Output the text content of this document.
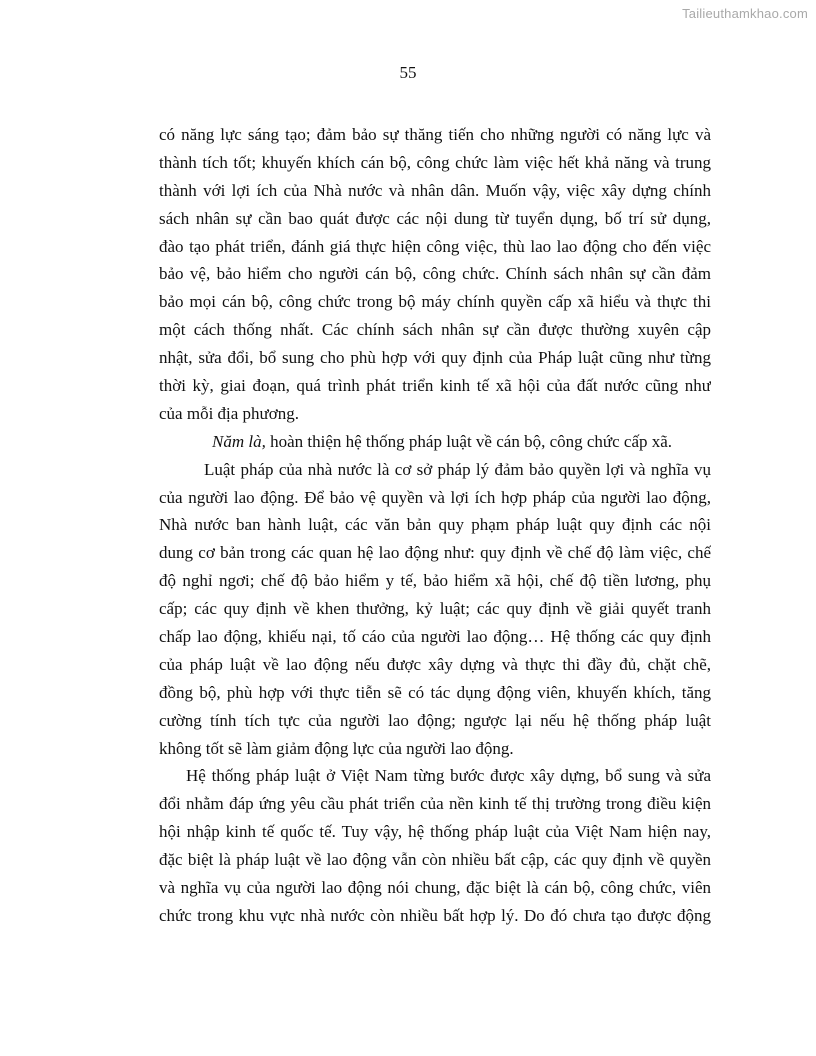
Tailieuthamkhao.com
55
có năng lực sáng tạo; đảm bảo sự thăng tiến cho những người có năng lực và
thành tích tốt; khuyến khích cán bộ, công chức làm việc hết khả năng và trung
thành với lợi ích của Nhà nước và nhân dân. Muốn vậy, việc xây dựng chính
sách nhân sự cần bao quát được các nội dung từ tuyển dụng, bố trí sử dụng,
đào tạo phát triển, đánh giá thực hiện công việc, thù lao lao động cho đến việc
bảo vệ, bảo hiểm cho người cán bộ, công chức. Chính sách nhân sự cần đảm
bảo mọi cán bộ, công chức trong bộ máy chính quyền cấp xã hiểu và thực thi
một cách thống nhất. Các chính sách nhân sự cần được thường xuyên cập
nhật, sửa đổi, bổ sung cho phù hợp với quy định của Pháp luật cũng như từng
thời kỳ, giai đoạn, quá trình phát triển kinh tế xã hội của đất nước cũng như
của mỗi địa phương.
Năm là, hoàn thiện hệ thống pháp luật về cán bộ, công chức cấp xã.
Luật pháp của nhà nước là cơ sở pháp lý đảm bảo quyền lợi và nghĩa vụ
của người lao động. Để bảo vệ quyền và lợi ích hợp pháp của người lao động,
Nhà nước ban hành luật, các văn bản quy phạm pháp luật quy định các nội
dung cơ bản trong các quan hệ lao động như: quy định về chế độ làm việc, chế
độ nghỉ ngơi; chế độ bảo hiểm y tế, bảo hiểm xã hội, chế độ tiền lương, phụ
cấp; các quy định về khen thưởng, kỷ luật; các quy định về giải quyết tranh
chấp lao động, khiếu nại, tố cáo của người lao động… Hệ thống các quy định
của pháp luật về lao động nếu được xây dựng và thực thi đầy đủ, chặt chẽ,
đồng bộ, phù hợp với thực tiễn sẽ có tác dụng động viên, khuyến khích, tăng
cường tính tích tực của người lao động; ngược lại nếu hệ thống pháp luật
không tốt sẽ làm giảm động lực của người lao động.
Hệ thống pháp luật ở Việt Nam từng bước được xây dựng, bổ sung và sửa
đổi nhằm đáp ứng yêu cầu phát triển của nền kinh tế thị trường trong điều kiện
hội nhập kinh tế quốc tế. Tuy vậy, hệ thống pháp luật của Việt Nam hiện nay,
đặc biệt là pháp luật về lao động vẫn còn nhiều bất cập, các quy định về quyền
và nghĩa vụ của người lao động nói chung, đặc biệt là cán bộ, công chức, viên
chức trong khu vực nhà nước còn nhiều bất hợp lý. Do đó chưa tạo được động
